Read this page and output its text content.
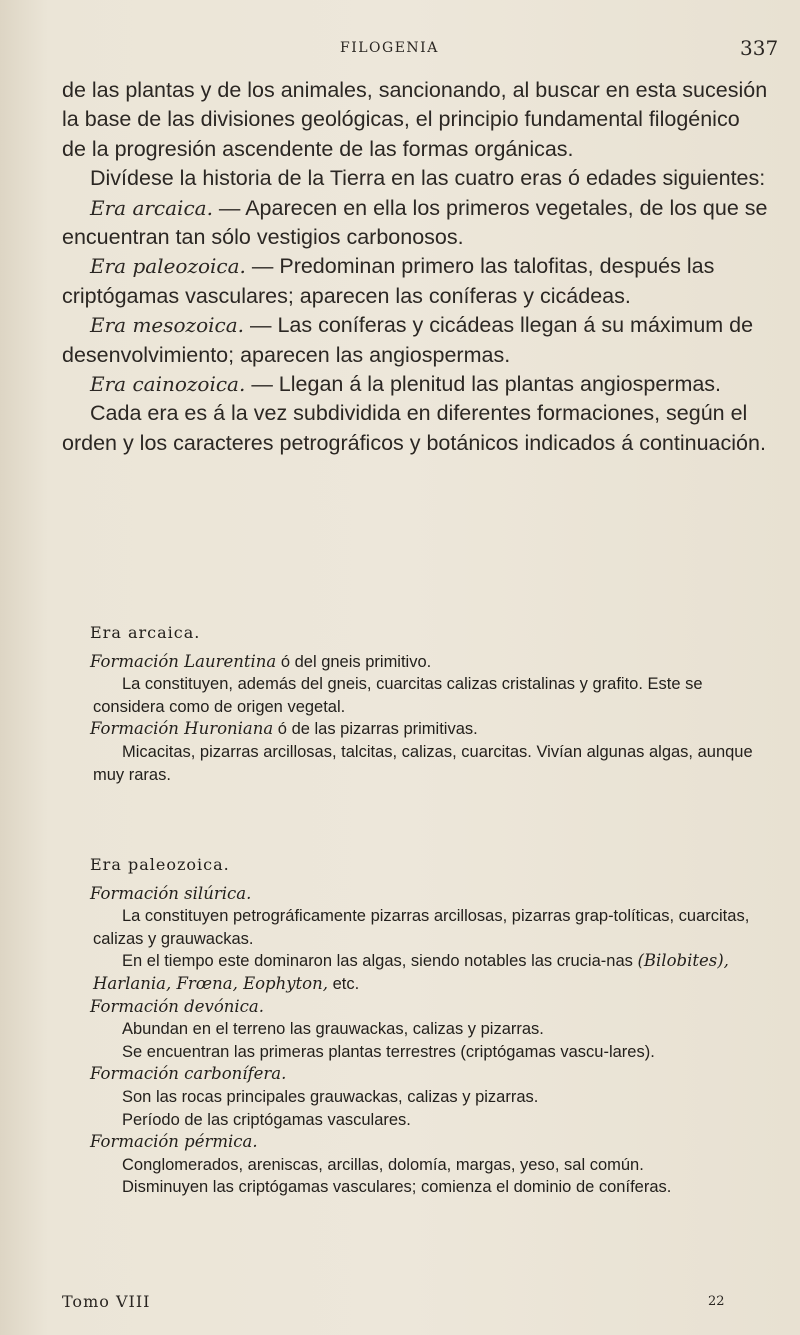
FILOGENIA	337

de las plantas y de los animales, sancionando, al buscar en esta sucesión la base de las divisiones geológicas, el principio fundamental filogénico de la progresión ascendente de las formas orgánicas.

Divídese la historia de la Tierra en las cuatro eras ó edades siguientes:

Era arcaica. — Aparecen en ella los primeros vegetales, de los que se encuentran tan sólo vestigios carbonosos.

Era paleozoica. — Predominan primero las talofitas, después las criptógamas vasculares; aparecen las coníferas y cicádeas.

Era mesozoica. — Las coníferas y cicádeas llegan á su máximum de desenvolvimiento; aparecen las angiospermas.

Era cainozoica. — Llegan á la plenitud las plantas angiospermas.

Cada era es á la vez subdividida en diferentes formaciones, según el orden y los caracteres petrográficos y botánicos indicados á continuación.

Era arcaica.

Formación Laurentina ó del gneis primitivo.

La constituyen, además del gneis, cuarcitas calizas cristalinas y grafito. Este se considera como de origen vegetal.

Formación Huroniana ó de las pizarras primitivas.

Micacitas, pizarras arcillosas, talcitas, calizas, cuarcitas. Vivían algunas algas, aunque muy raras.

Era paleozoica.

Formación silúrica.

La constituyen petrográficamente pizarras arcillosas, pizarras grap-tolíticas, cuarcitas, calizas y grauwackas.

En el tiempo este dominaron las algas, siendo notables las crucia-nas (Bilobites), Harlania, Frœna, Eophyton, etc.

Formación devónica.

Abundan en el terreno las grauwackas, calizas y pizarras.

Se encuentran las primeras plantas terrestres (criptógamas vascu-lares).

Formación carbonífera.

Son las rocas principales grauwackas, calizas y pizarras.

Período de las criptógamas vasculares.

Formación pérmica.

Conglomerados, areniscas, arcillas, dolomía, margas, yeso, sal común.

Disminuyen las criptógamas vasculares; comienza el dominio de coníferas.

Tomo VIII	22
